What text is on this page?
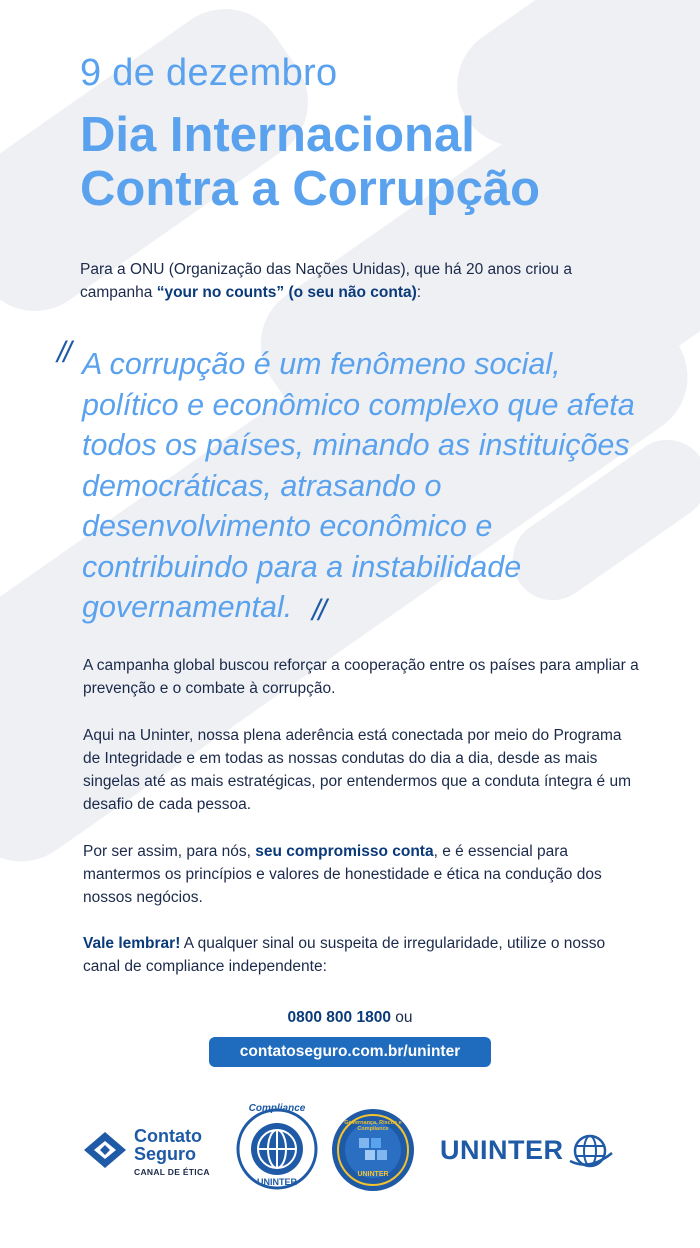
9 de dezembro
Dia Internacional
Contra a Corrupção
Para a ONU (Organização das Nações Unidas), que há 20 anos criou a campanha “your no counts” (o seu não conta):
// A corrupção é um fenômeno social, político e econômico complexo que afeta todos os países, minando as instituições democráticas, atrasando o desenvolvimento econômico e contribuindo para a instabilidade governamental. //
A campanha global buscou reforçar a cooperação entre os países para ampliar a prevenção e o combate à corrupção.
Aqui na Uninter, nossa plena aderência está conectada por meio do Programa de Integridade e em todas as nossas condutas do dia a dia, desde as mais singelas até as mais estratégicas, por entendermos que a conduta íntegra é um desafio de cada pessoa.
Por ser assim, para nós, seu compromisso conta, e é essencial para mantermos os princípios e valores de honestidade e ética na condução dos nossos negócios.
Vale lembrar! A qualquer sinal ou suspeita de irregularidade, utilize o nosso canal de compliance independente:
0800 800 1800 ou
contatoseguro.com.br/uninter
Contato
Seguro
CANAL DE ÉTICA
Compliance
UNINTER
Governança, Riscos e Compliance
UNINTER
UNINTER
